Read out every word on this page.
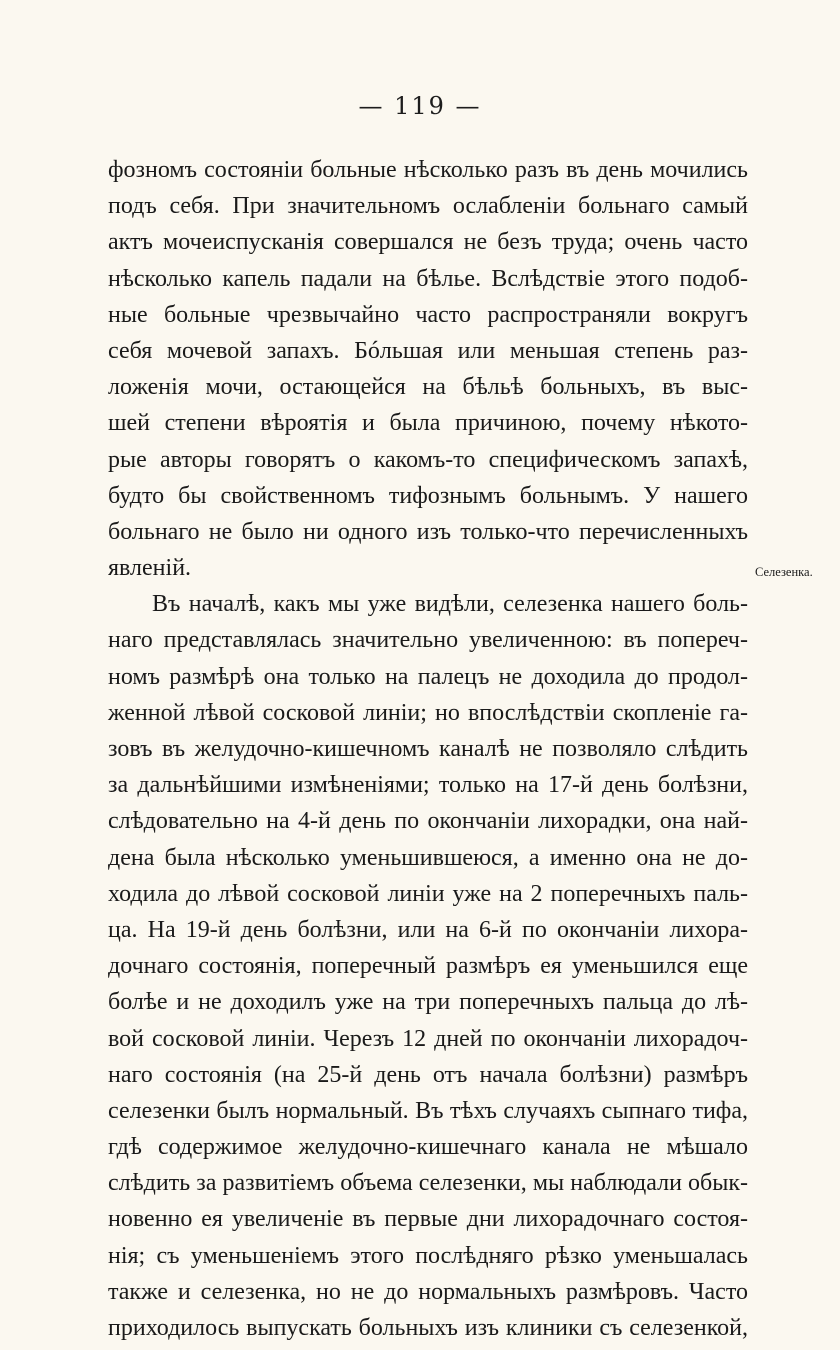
— 119 —
фозномъ состоянiи больные нѣсколько разъ въ день мочились
подъ себя. При значительномъ ослабленiи больнаго самый
актъ мочеиспусканiя совершался не безъ труда; очень часто
нѣсколько капель падали на бѣлье. Вслѣдствiе этого подоб-
ные больные чрезвычайно часто распространяли вокругъ
себя мочевой запахъ. Бóльшая или меньшая степень раз-
ложенiя мочи, остающейся на бѣльѣ больныхъ, въ выс-
шей степени вѣроятiя и была причиною, почему нѣкото-
рые авторы говорятъ о какомъ-то специфическомъ запахѣ,
будто бы свойственномъ тифознымъ больнымъ. У нашего
больнаго не было ни одного изъ только-что перечисленныхъ
явленiй.
Въ началѣ, какъ мы уже видѣли, селезенка нашего боль-
наго представлялась значительно увеличенною: въ попереч-
номъ размѣрѣ она только на палецъ не доходила до продол-
женной лѣвой сосковой линiи; но впослѣдствiи скопленiе га-
зовъ въ желудочно-кишечномъ каналѣ не позволяло слѣдить
за дальнѣйшими измѣненiями; только на 17-й день болѣзни,
слѣдовательно на 4-й день по окончанiи лихорадки, она най-
дена была нѣсколько уменьшившеюся, а именно она не до-
ходила до лѣвой сосковой линiи уже на 2 поперечныхъ паль-
ца. На 19-й день болѣзни, или на 6-й по окончанiи лихора-
дочнаго состоянiя, поперечный размѣръ ея уменьшился еще
болѣе и не доходилъ уже на три поперечныхъ пальца до лѣ-
вой сосковой линiи. Черезъ 12 дней по окончанiи лихорадоч-
наго состоянiя (на 25-й день отъ начала болѣзни) размѣръ
селезенки былъ нормальный. Въ тѣхъ случаяхъ сыпнаго тифа,
гдѣ содержимое желудочно-кишечнаго канала не мѣшало
слѣдить за развитiемъ объема селезенки, мы наблюдали обык-
новенно ея увеличенiе въ первые дни лихорадочнаго состоя-
нiя; съ уменьшенiемъ этого послѣдняго рѣзко уменьшалась
также и селезенка, но не до нормальныхъ размѣровъ. Часто
приходилось выпускать больныхъ изъ клиники съ селезенкой,
Селезенка.
